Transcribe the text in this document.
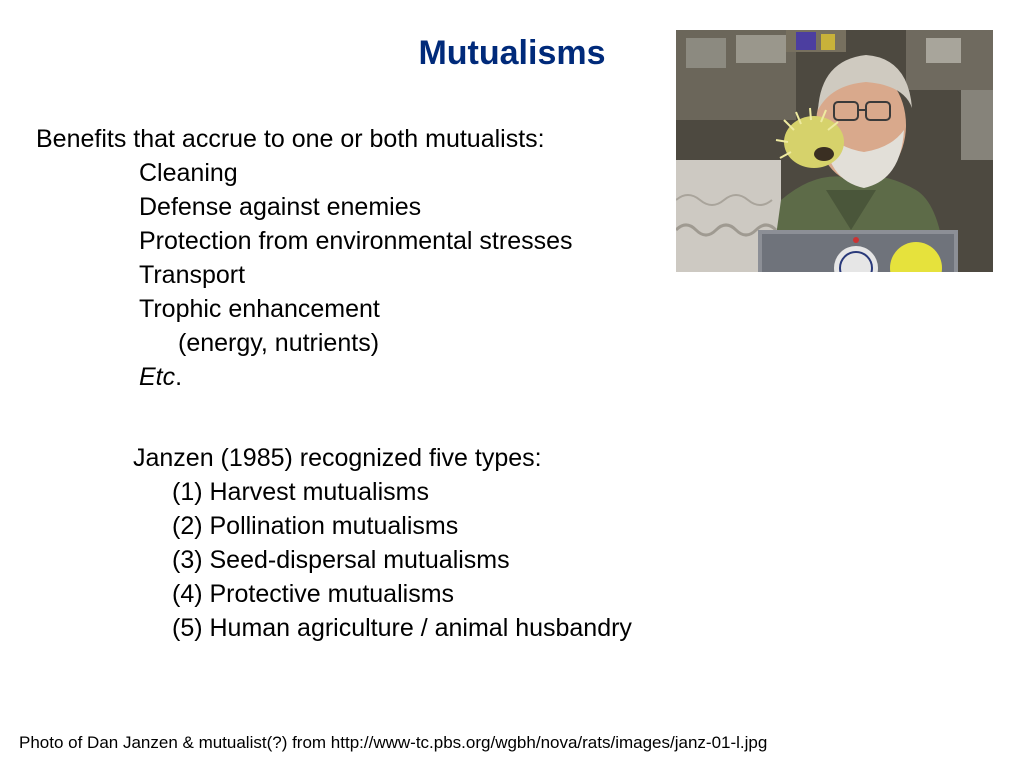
Mutualisms
Benefits that accrue to one or both mutualists:
Cleaning
Defense against enemies
Protection from environmental stresses
Transport
Trophic enhancement
(energy, nutrients)
Etc.
Janzen (1985) recognized five types:
(1) Harvest mutualisms
(2) Pollination mutualisms
(3) Seed-dispersal mutualisms
(4) Protective mutualisms
(5) Human agriculture / animal husbandry
Photo of Dan Janzen & mutualist(?) from http://www-tc.pbs.org/wgbh/nova/rats/images/janz-01-l.jpg
